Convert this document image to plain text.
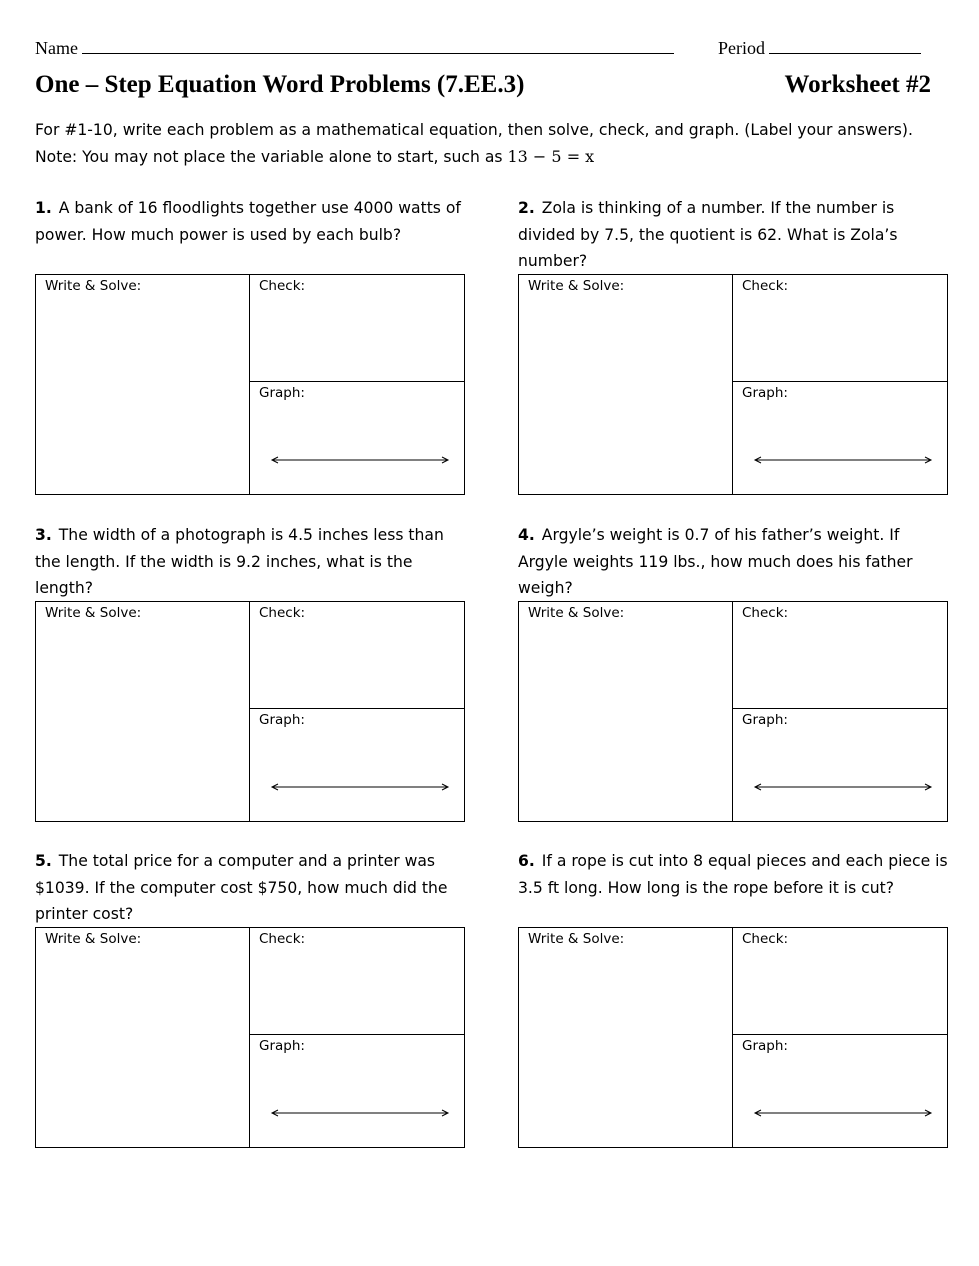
Name	Period
One – Step Equation Word Problems (7.EE.3)	Worksheet #2
For #1-10, write each problem as a mathematical equation, then solve, check, and graph. (Label your answers).
Note: You may not place the variable alone to start, such as 13 − 5 = x
1. A bank of 16 floodlights together use 4000 watts of power. How much power is used by each bulb?
Write & Solve:	Check:
Graph:
2. Zola is thinking of a number. If the number is divided by 7.5, the quotient is 62. What is Zola’s number?
Write & Solve:	Check:
Graph:
3. The width of a photograph is 4.5 inches less than the length. If the width is 9.2 inches, what is the length?
Write & Solve:	Check:
Graph:
4. Argyle’s weight is 0.7 of his father’s weight. If Argyle weights 119 lbs., how much does his father weigh?
Write & Solve:	Check:
Graph:
5. The total price for a computer and a printer was $1039. If the computer cost $750, how much did the printer cost?
Write & Solve:	Check:
Graph:
6. If a rope is cut into 8 equal pieces and each piece is 3.5 ft long. How long is the rope before it is cut?
Write & Solve:	Check:
Graph:
